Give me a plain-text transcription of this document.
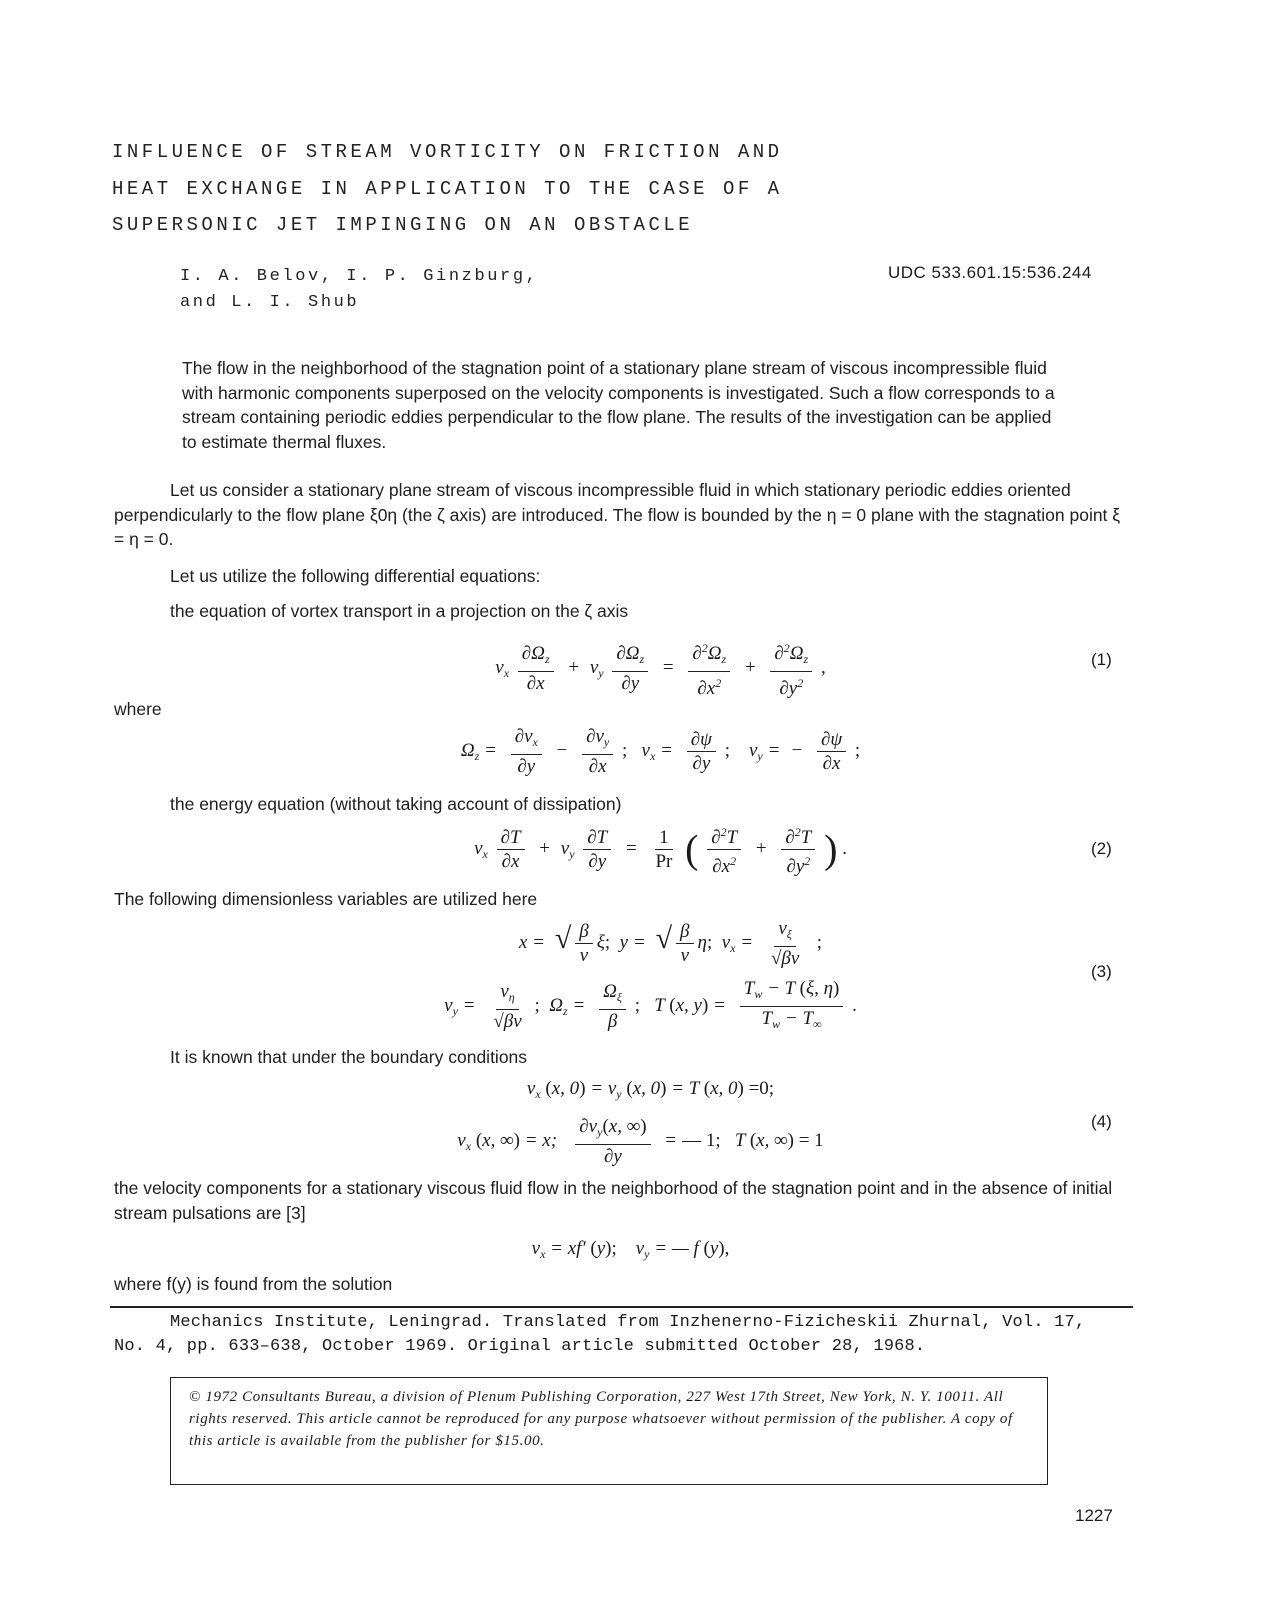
INFLUENCE OF STREAM VORTICITY ON FRICTION AND
HEAT EXCHANGE IN APPLICATION TO THE CASE OF A
SUPERSONIC JET IMPINGING ON AN OBSTACLE
I. A. Belov, I. P. Ginzburg,
and L. I. Shub
UDC 533.601.15:536.244
The flow in the neighborhood of the stagnation point of a stationary plane stream of viscous incompressible fluid with harmonic components superposed on the velocity components is investigated. Such a flow corresponds to a stream containing periodic eddies perpendicular to the flow plane. The results of the investigation can be applied to estimate thermal fluxes.
Let us consider a stationary plane stream of viscous incompressible fluid in which stationary periodic eddies oriented perpendicularly to the flow plane ξ0η (the ζ axis) are introduced. The flow is bounded by the η = 0 plane with the stagnation point ξ = η = 0.
Let us utilize the following differential equations:
the equation of vortex transport in a projection on the ζ axis
$v_x \frac{\partial\Omega_z}{\partial x} + v_y \frac{\partial\Omega_z}{\partial y} = \frac{\partial^2\Omega_z}{\partial x^2} + \frac{\partial^2\Omega_z}{\partial y^2}$ ,	(1)
where
$\Omega_z = \frac{\partial v_x}{\partial y} - \frac{\partial v_y}{\partial x}$ ; $v_x = \frac{\partial\psi}{\partial y}$ ; $v_y$ = − $\frac{\partial\psi}{\partial x}$ ;
the energy equation (without taking account of dissipation)
$v_x \frac{\partial T}{\partial x} + v_y \frac{\partial T}{\partial y} = \frac{1}{Pr}$ ( $\frac{\partial^2T}{\partial x^2} + \frac{\partial^2T}{\partial y^2}$ ) .	(2)
The following dimensionless variables are utilized here
x = √ $\frac{\beta}{\nu} \xi$; y = √ $\frac{\beta}{\nu} \eta$; $v_x = \frac{v_\xi}{√\beta\nu}$ ;
$v_y = \frac{v_\eta}{√\beta\nu}$ ; $\Omega_z = \frac{\Omega_\xi}{\beta}$ ; T (x, $y) = \frac{T_w - T (\xi, \eta)}{T_w - T_\infty}$ .
(3)
It is known that under the boundary conditions
$v_x$ (x, $0) = v_y$ (x, 0) = T (x, 0) =0;
$v_x$ (x, ∞) = x; $\frac{\partial v_y(x, \infty)}{\partial y}$ = — 1; T (x, ∞) = 1
(4)
the velocity components for a stationary viscous fluid flow in the neighborhood of the stagnation point and in the absence of initial stream pulsations are [3]
$v_x = xf'$ (y); $v_y$ = — f (y),
where f(y) is found from the solution
Mechanics Institute, Leningrad. Translated from Inzhenerno-Fizicheskii Zhurnal, Vol. 17, No. 4, pp. 633–638, October 1969. Original article submitted October 28, 1968.
© 1972 Consultants Bureau, a division of Plenum Publishing Corporation, 227 West 17th Street, New York, N. Y. 10011. All rights reserved. This article cannot be reproduced for any purpose whatsoever without permission of the publisher. A copy of this article is available from the publisher for $15.00.
1227
